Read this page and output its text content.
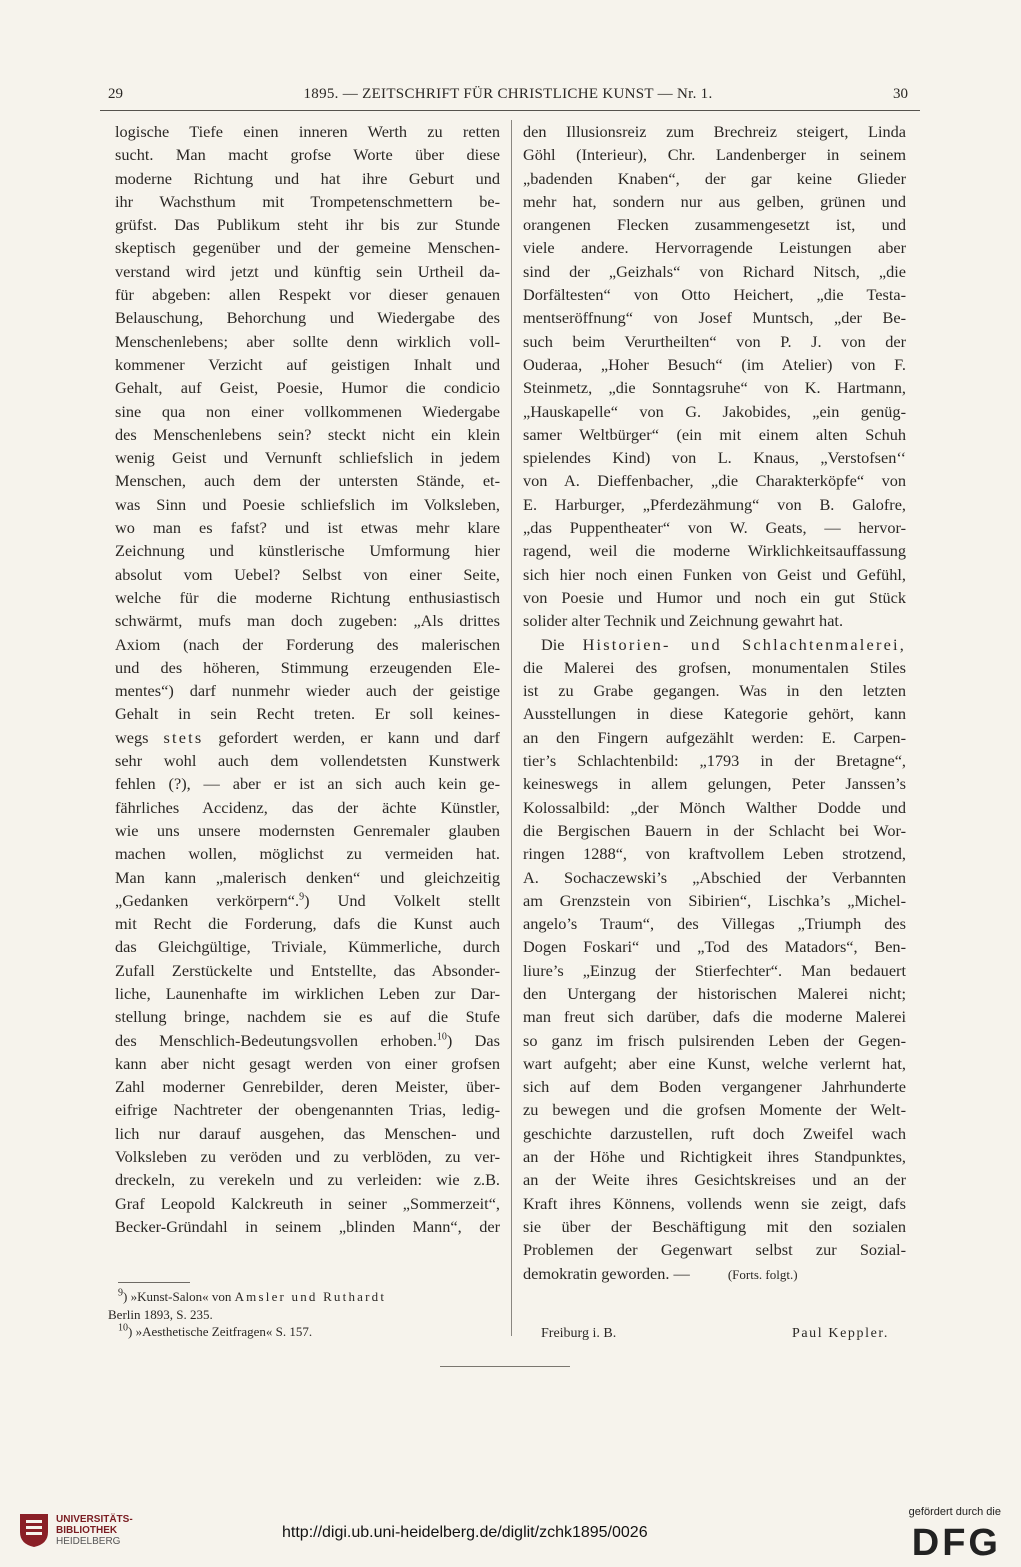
29	1895. — ZEITSCHRIFT FÜR CHRISTLICHE KUNST — Nr. 1.	30
logische Tiefe einen inneren Werth zu retten
sucht. Man macht grofse Worte über diese
moderne Richtung und hat ihre Geburt und
ihr Wachsthum mit Trompetenschmettern be-
grüfst. Das Publikum steht ihr bis zur Stunde
skeptisch gegenüber und der gemeine Menschen-
verstand wird jetzt und künftig sein Urtheil da-
für abgeben: allen Respekt vor dieser genauen
Belauschung, Behorchung und Wiedergabe des
Menschenlebens; aber sollte denn wirklich voll-
kommener Verzicht auf geistigen Inhalt und
Gehalt, auf Geist, Poesie, Humor die condicio
sine qua non einer vollkommenen Wiedergabe
des Menschenlebens sein? steckt nicht ein klein
wenig Geist und Vernunft schliefslich in jedem
Menschen, auch dem der untersten Stände, et-
was Sinn und Poesie schliefslich im Volksleben,
wo man es fafst? und ist etwas mehr klare
Zeichnung und künstlerische Umformung hier
absolut vom Uebel? Selbst von einer Seite,
welche für die moderne Richtung enthusiastisch
schwärmt, mufs man doch zugeben: „Als drittes
Axiom (nach der Forderung des malerischen
und des höheren, Stimmung erzeugenden Ele-
mentes“) darf nunmehr wieder auch der geistige
Gehalt in sein Recht treten. Er soll keines-
wegs stets gefordert werden, er kann und darf
sehr wohl auch dem vollendetsten Kunstwerk
fehlen (?), — aber er ist an sich auch kein ge-
fährliches Accidenz, das der ächte Künstler,
wie uns unsere modernsten Genremaler glauben
machen wollen, möglichst zu vermeiden hat.
Man kann „malerisch denken“ und gleichzeitig
„Gedanken verkörpern“.$^9$) Und Volkelt stellt
mit Recht die Forderung, dafs die Kunst auch
das Gleichgültige, Triviale, Kümmerliche, durch
Zufall Zerstückelte und Entstellte, das Absonder-
liche, Launenhafte im wirklichen Leben zur Dar-
stellung bringe, nachdem sie es auf die Stufe
des Menschlich-Bedeutungsvollen erhoben.$^{10}$) Das
kann aber nicht gesagt werden von einer grofsen
Zahl moderner Genrebilder, deren Meister, über-
eifrige Nachtreter der obengenannten Trias, ledig-
lich nur darauf ausgehen, das Menschen- und
Volksleben zu veröden und zu verblöden, zu ver-
dreckeln, zu verekeln und zu verleiden: wie z.B.
Graf Leopold Kalckreuth in seiner „Sommerzeit“,
Becker-Gründahl in seinem „blinden Mann“, der
$^9$) »Kunst-Salon« von Amsler und Ruthardt
Berlin 1893, S. 235.
$^{10}$) »Aesthetische Zeitfragen« S. 157.
den Illusionsreiz zum Brechreiz steigert, Linda
Göhl (Interieur), Chr. Landenberger in seinem
„badenden Knaben“, der gar keine Glieder
mehr hat, sondern nur aus gelben, grünen und
orangenen Flecken zusammengesetzt ist, und
viele andere. Hervorragende Leistungen aber
sind der „Geizhals“ von Richard Nitsch, „die
Dorfältesten“ von Otto Heichert, „die Testa-
mentseröffnung“ von Josef Muntsch, „der Be-
such beim Verurtheilten“ von P. J. von der
Ouderaa, „Hoher Besuch“ (im Atelier) von F.
Steinmetz, „die Sonntagsruhe“ von K. Hartmann,
„Hauskapelle“ von G. Jakobides, „ein genüg-
samer Weltbürger“ (ein mit einem alten Schuh
spielendes Kind) von L. Knaus, „Verstofsen‘‘
von A. Dieffenbacher, „die Charakterköpfe“ von
E. Harburger, „Pferdezähmung“ von B. Galofre,
„das Puppentheater“ von W. Geats, — hervor-
ragend, weil die moderne Wirklichkeitsauffassung
sich hier noch einen Funken von Geist und Gefühl,
von Poesie und Humor und noch ein gut Stück
solider alter Technik und Zeichnung gewahrt hat.
Die Historien- und Schlachtenmalerei,
die Malerei des grofsen, monumentalen Stiles
ist zu Grabe gegangen. Was in den letzten
Ausstellungen in diese Kategorie gehört, kann
an den Fingern aufgezählt werden: E. Carpen-
tier’s Schlachtenbild: „1793 in der Bretagne“,
keineswegs in allem gelungen, Peter Janssen’s
Kolossalbild: „der Mönch Walther Dodde und
die Bergischen Bauern in der Schlacht bei Wor-
ringen 1288“, von kraftvollem Leben strotzend,
A. Sochaczewski’s „Abschied der Verbannten
am Grenzstein von Sibirien“, Lischka’s „Michel-
angelo’s Traum“, des Villegas „Triumph des
Dogen Foskari“ und „Tod des Matadors“, Ben-
liure’s „Einzug der Stierfechter“. Man bedauert
den Untergang der historischen Malerei nicht;
man freut sich darüber, dafs die moderne Malerei
so ganz im frisch pulsirenden Leben der Gegen-
wart aufgeht; aber eine Kunst, welche verlernt hat,
sich auf dem Boden vergangener Jahrhunderte
zu bewegen und die grofsen Momente der Welt-
geschichte darzustellen, ruft doch Zweifel wach
an der Höhe und Richtigkeit ihres Standpunktes,
an der Weite ihres Gesichtskreises und an der
Kraft ihres Könnens, vollends wenn sie zeigt, dafs
sie über der Beschäftigung mit den sozialen
Problemen der Gegenwart selbst zur Sozial-
demokratin geworden. —	(Forts. folgt.)
Freiburg i. B.	Paul Keppler.
UNIVERSITÄTS-
BIBLIOTHEK
HEIDELBERG
http://digi.ub.uni-heidelberg.de/diglit/zchk1895/0026
gefördert durch die
DFG
